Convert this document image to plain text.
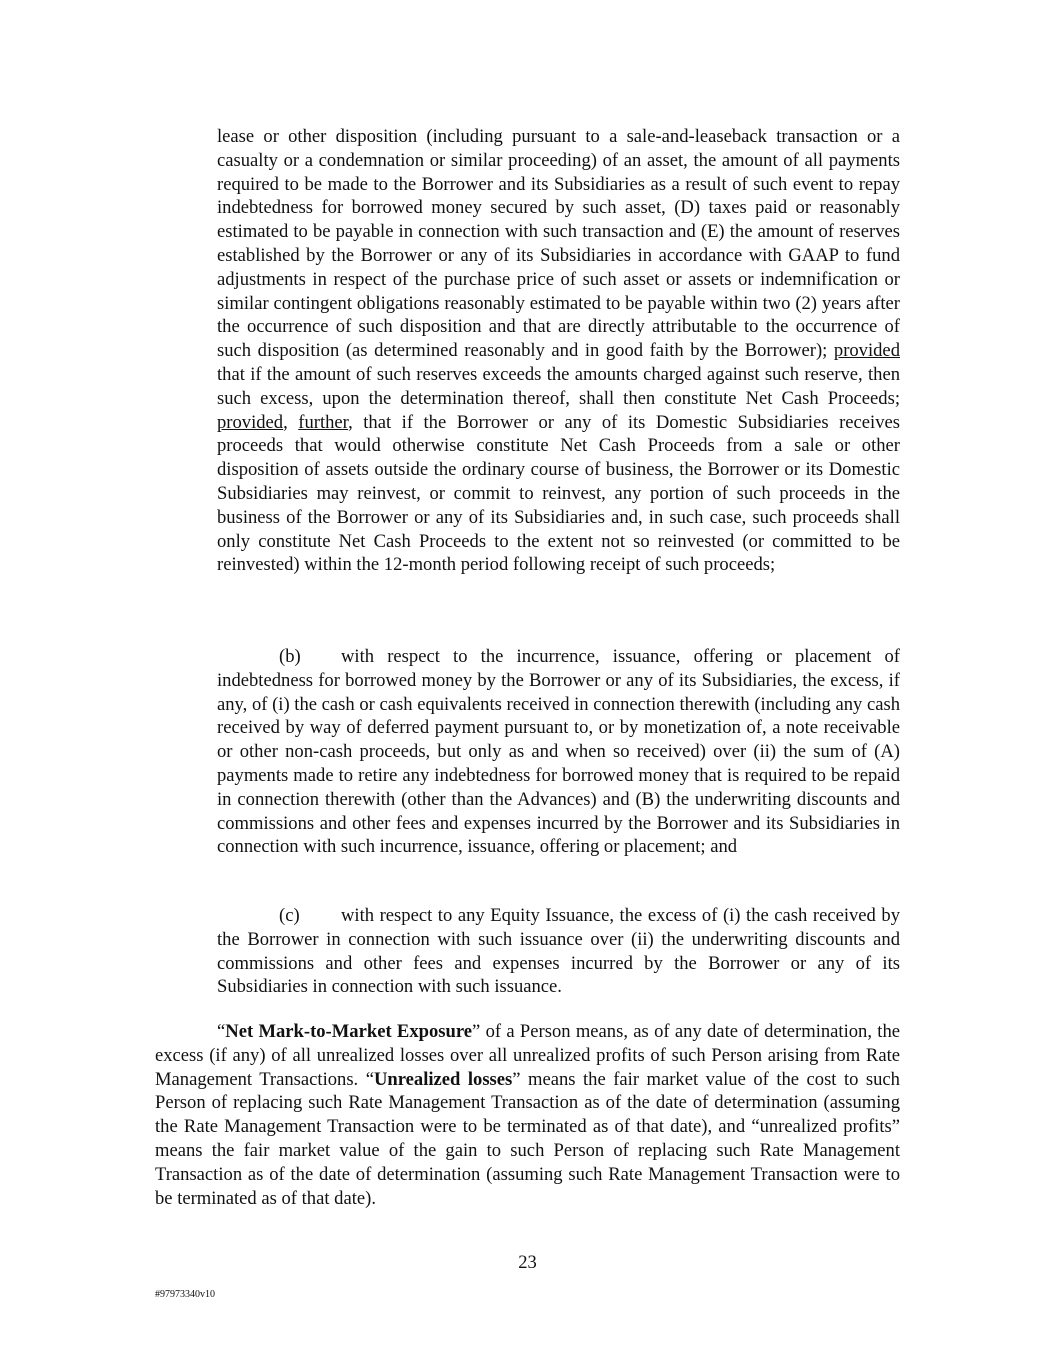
lease or other disposition (including pursuant to a sale-and-leaseback transaction or a casualty or a condemnation or similar proceeding) of an asset, the amount of all payments required to be made to the Borrower and its Subsidiaries as a result of such event to repay indebtedness for borrowed money secured by such asset, (D) taxes paid or reasonably estimated to be payable in connection with such transaction and (E) the amount of reserves established by the Borrower or any of its Subsidiaries in accordance with GAAP to fund adjustments in respect of the purchase price of such asset or assets or indemnification or similar contingent obligations reasonably estimated to be payable within two (2) years after the occurrence of such disposition and that are directly attributable to the occurrence of such disposition (as determined reasonably and in good faith by the Borrower); provided that if the amount of such reserves exceeds the amounts charged against such reserve, then such excess, upon the determination thereof, shall then constitute Net Cash Proceeds; provided, further, that if the Borrower or any of its Domestic Subsidiaries receives proceeds that would otherwise constitute Net Cash Proceeds from a sale or other disposition of assets outside the ordinary course of business, the Borrower or its Domestic Subsidiaries may reinvest, or commit to reinvest, any portion of such proceeds in the business of the Borrower or any of its Subsidiaries and, in such case, such proceeds shall only constitute Net Cash Proceeds to the extent not so reinvested (or committed to be reinvested) within the 12-month period following receipt of such proceeds;

(b) with respect to the incurrence, issuance, offering or placement of indebtedness for borrowed money by the Borrower or any of its Subsidiaries, the excess, if any, of (i) the cash or cash equivalents received in connection therewith (including any cash received by way of deferred payment pursuant to, or by monetization of, a note receivable or other non-cash proceeds, but only as and when so received) over (ii) the sum of (A) payments made to retire any indebtedness for borrowed money that is required to be repaid in connection therewith (other than the Advances) and (B) the underwriting discounts and commissions and other fees and expenses incurred by the Borrower and its Subsidiaries in connection with such incurrence, issuance, offering or placement; and

(c) with respect to any Equity Issuance, the excess of (i) the cash received by the Borrower in connection with such issuance over (ii) the underwriting discounts and commissions and other fees and expenses incurred by the Borrower or any of its Subsidiaries in connection with such issuance.

“Net Mark-to-Market Exposure” of a Person means, as of any date of determination, the excess (if any) of all unrealized losses over all unrealized profits of such Person arising from Rate Management Transactions. “Unrealized losses” means the fair market value of the cost to such Person of replacing such Rate Management Transaction as of the date of determination (assuming the Rate Management Transaction were to be terminated as of that date), and “unrealized profits” means the fair market value of the gain to such Person of replacing such Rate Management Transaction as of the date of determination (assuming such Rate Management Transaction were to be terminated as of that date).

23

#97973340v10
